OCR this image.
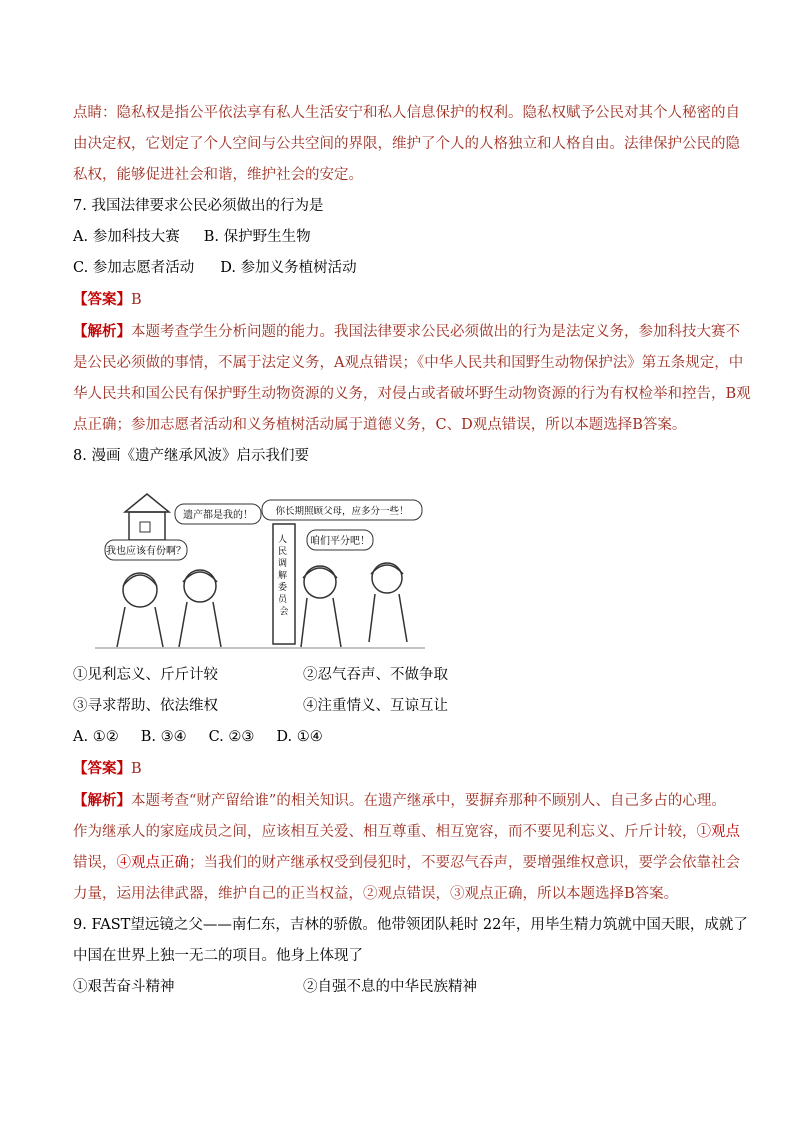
点睛：隐私权是指公平依法享有私人生活安宁和私人信息保护的权利。隐私权赋予公民对其个人秘密的自

由决定权，它划定了个人空间与公共空间的界限，维护了个人的人格独立和人格自由。法律保护公民的隐

私权，能够促进社会和谐，维护社会的安定。

7. 我国法律要求公民必须做出的行为是

A. 参加科技大赛 B. 保护野生生物
C. 参加志愿者活动 D. 参加义务植树活动

【答案】B

【解析】本题考查学生分析问题的能力。我国法律要求公民必须做出的行为是法定义务，参加科技大赛不

是公民必须做的事情，不属于法定义务，A观点错误；《中华人民共和国野生动物保护法》第五条规定，中

华人民共和国公民有保护野生动物资源的义务，对侵占或者破坏野生动物资源的行为有权检举和控告，B观

点正确；参加志愿者活动和义务植树活动属于道德义务，C、D观点错误，所以本题选择B答案。

8. 漫画《遗产继承风波》启示我们要

遗产都是我的！
我也应该有份啊？
人 民 调 解 委 员 会
你长期照顾父母，应多分一些！
咱们平分吧！
①见利忘义、斤斤计较	②忍气吞声、不做争取
③寻求帮助、依法维权	④注重情义、互谅互让
A. ①② B. ③④ C. ②③ D. ①④

【答案】B

【解析】本题考查“财产留给谁”的相关知识。在遗产继承中，要摒弃那种不顾别人、自己多占的心理。

作为继承人的家庭成员之间，应该相互关爱、相互尊重、相互宽容，而不要见利忘义、斤斤计较，①观点

错误，④观点正确；当我们的财产继承权受到侵犯时，不要忍气吞声，要增强维权意识，要学会依靠社会

力量，运用法律武器，维护自己的正当权益，②观点错误，③观点正确，所以本题选择B答案。

9. FAST望远镜之父——南仁东，吉林的骄傲。他带领团队耗时 22年，用毕生精力筑就中国天眼，成就了

中国在世界上独一无二的项目。他身上体现了

①艰苦奋斗精神	②自强不息的中华民族精神
